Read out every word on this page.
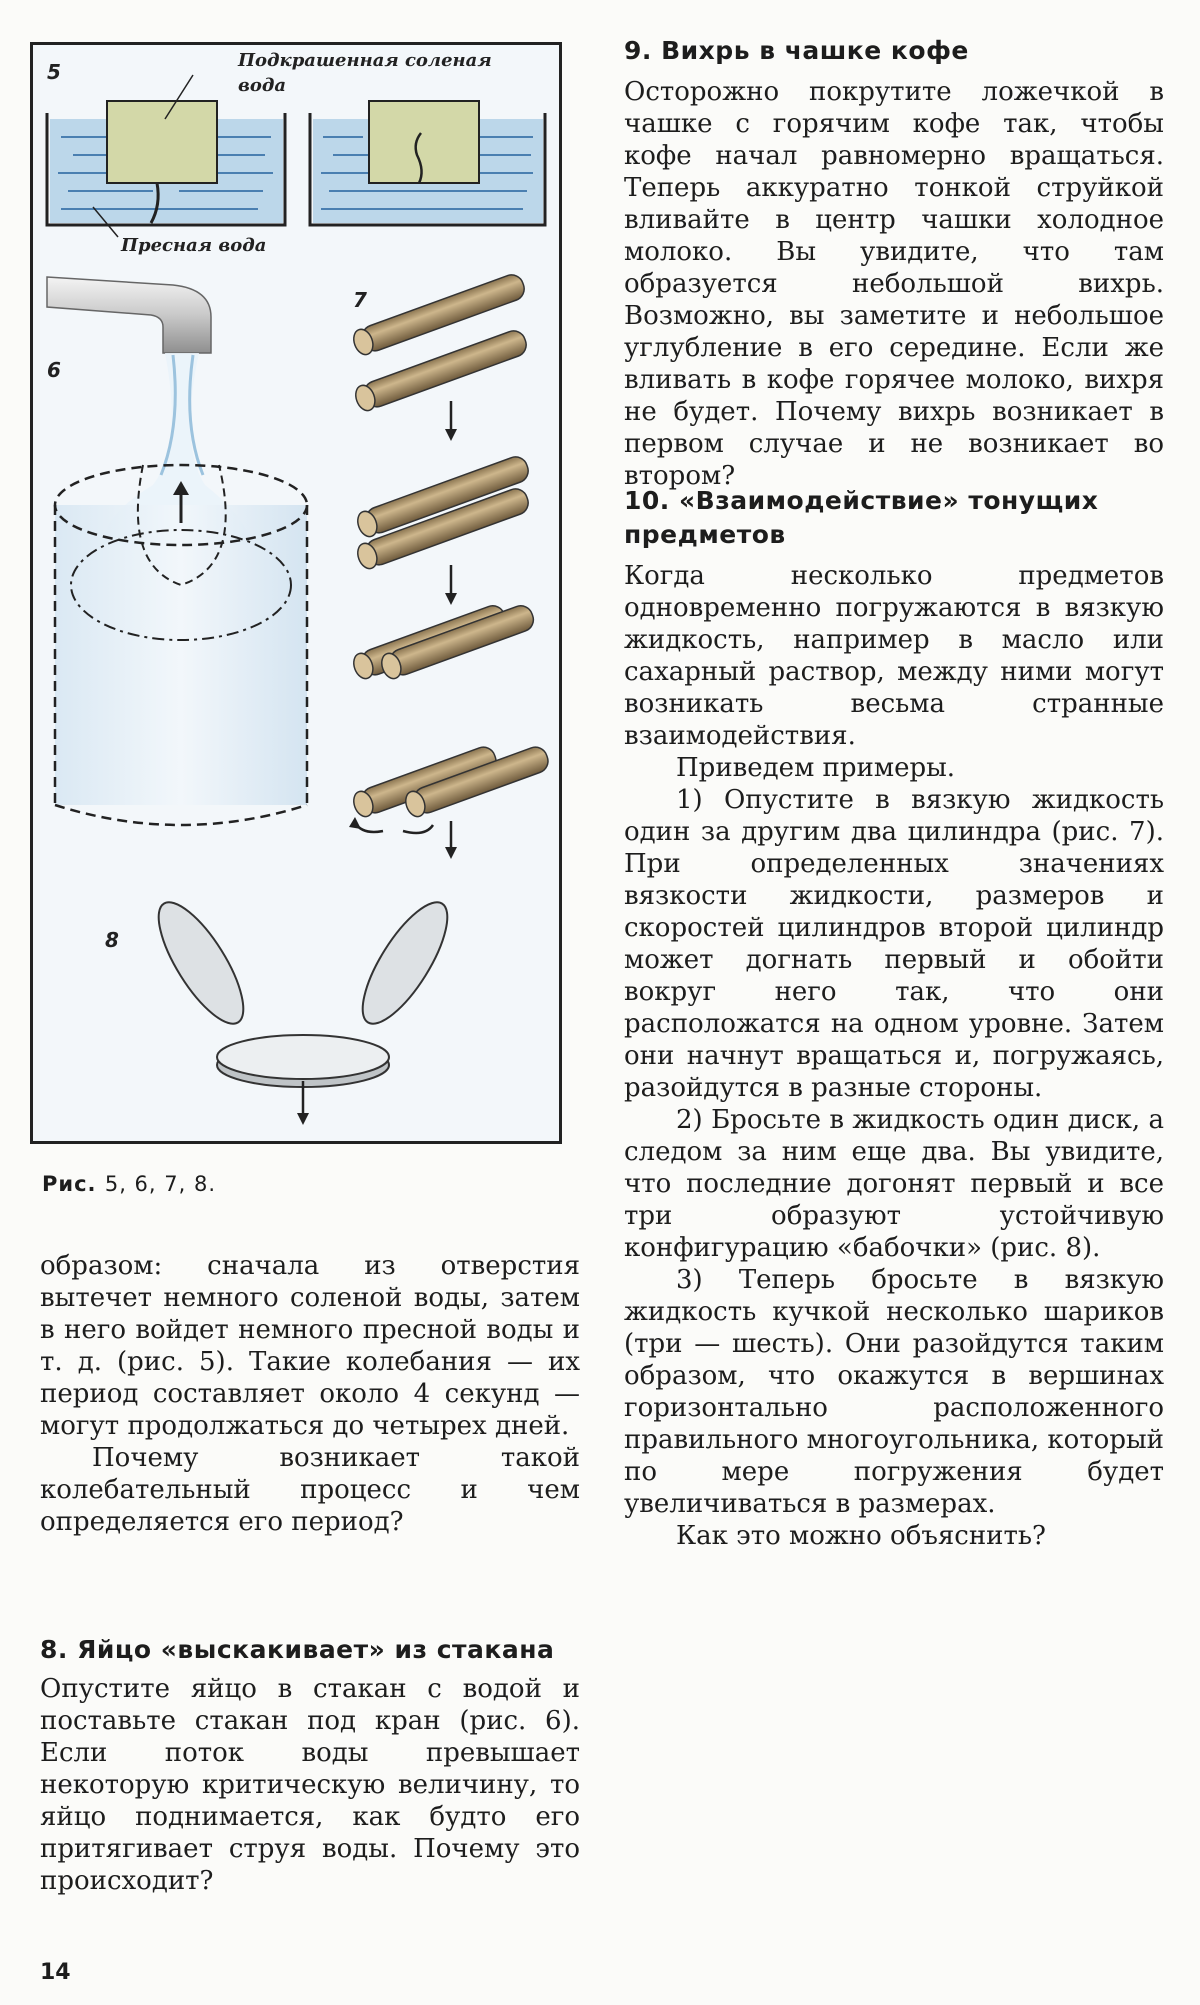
5	Подкрашенная соленая
вода
Пресная вода
6
7
8
Рис. 5, 6, 7, 8.

образом: сначала из отверстия вытечет немного соленой воды, затем в него войдет немного пресной воды и т. д. (рис. 5). Такие колебания — их период составляет около 4 секунд — могут продолжаться до четырех дней.

Почему возникает такой колебательный процесс и чем определяется его период?

8. Яйцо «выскакивает» из стакана

Опустите яйцо в стакан с водой и поставьте стакан под кран (рис. 6). Если поток воды превышает некоторую критическую величину, то яйцо поднимается, как будто его притягивает струя воды. Почему это происходит?

9. Вихрь в чашке кофе

Осторожно покрутите ложечкой в чашке с горячим кофе так, чтобы кофе начал равномерно вращаться. Теперь аккуратно тонкой струйкой вливайте в центр чашки холодное молоко. Вы увидите, что там образуется небольшой вихрь. Возможно, вы заметите и небольшое углубление в его середине. Если же вливать в кофе горячее молоко, вихря не будет. Почему вихрь возникает в первом случае и не возникает во втором?

10. «Взаимодействие» тонущих

предметов

Когда несколько предметов одновременно погружаются в вязкую жидкость, например в масло или сахарный раствор, между ними могут возникать весьма странные взаимодействия.

Приведем примеры.

1) Опустите в вязкую жидкость один за другим два цилиндра (рис. 7). При определенных значениях вязкости жидкости, размеров и скоростей цилиндров второй цилиндр может догнать первый и обойти вокруг него так, что они расположатся на одном уровне. Затем они начнут вращаться и, погружаясь, разойдутся в разные стороны.

2) Бросьте в жидкость один диск, а следом за ним еще два. Вы увидите, что последние догонят первый и все три образуют устойчивую конфигурацию «бабочки» (рис. 8).

3) Теперь бросьте в вязкую жидкость кучкой несколько шариков (три — шесть). Они разойдутся таким образом, что окажутся в вершинах горизонтально расположенного правильного многоугольника, который по мере погружения будет увеличиваться в размерах.

Как это можно объяснить?

14
